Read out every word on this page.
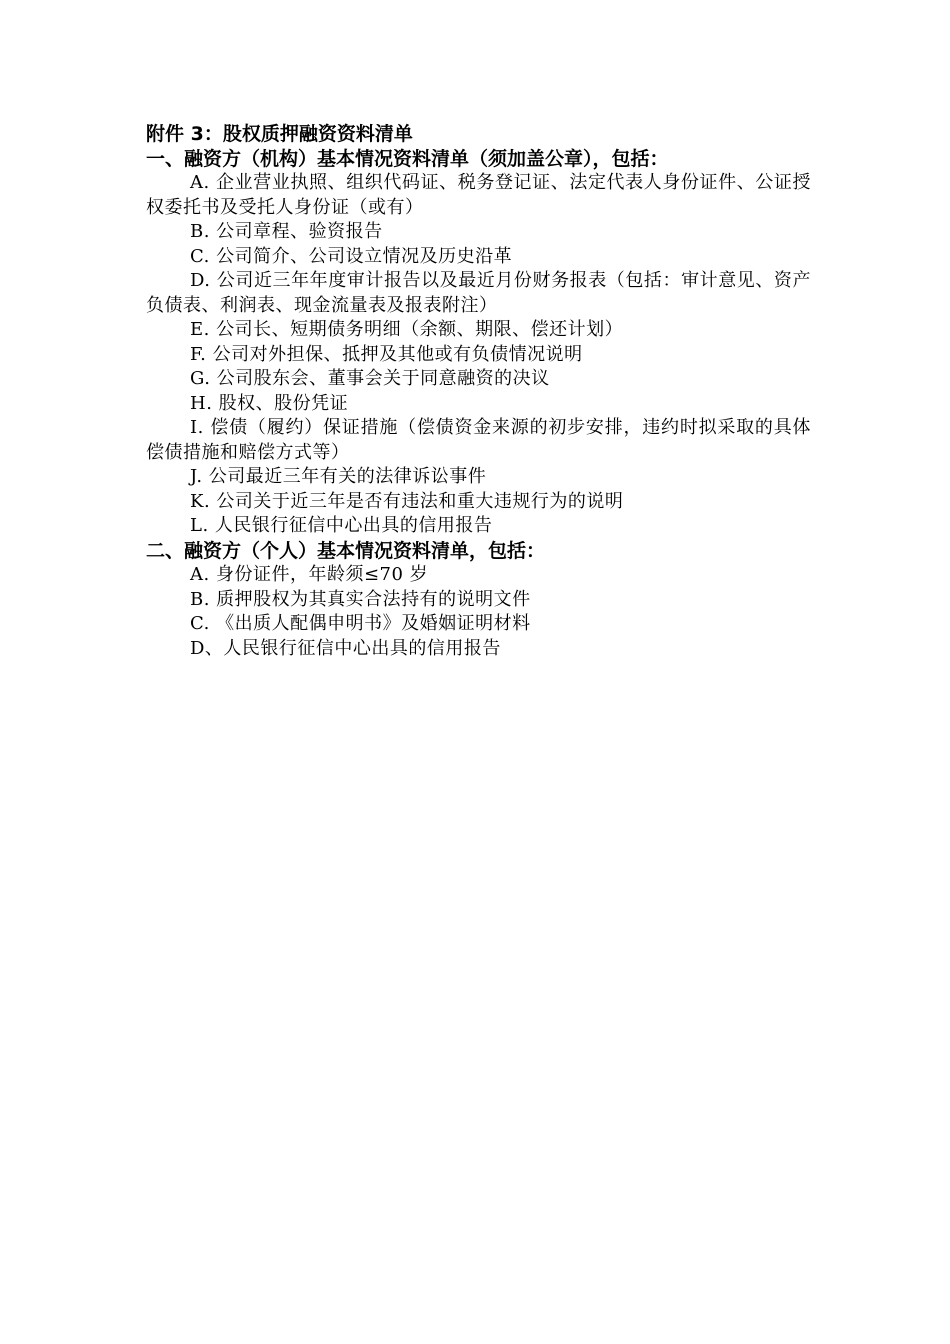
附件 3：股权质押融资资料清单

一、融资方（机构）基本情况资料清单（须加盖公章），包括：

A. 企业营业执照、组织代码证、税务登记证、法定代表人身份证件、公证授权委托书及受托人身份证（或有）

B. 公司章程、验资报告

C. 公司简介、公司设立情况及历史沿革

D. 公司近三年年度审计报告以及最近月份财务报表（包括：审计意见、资产负债表、利润表、现金流量表及报表附注）

E. 公司长、短期债务明细（余额、期限、偿还计划）

F. 公司对外担保、抵押及其他或有负债情况说明

G. 公司股东会、董事会关于同意融资的决议

H. 股权、股份凭证

I. 偿债（履约）保证措施（偿债资金来源的初步安排，违约时拟采取的具体偿债措施和赔偿方式等）

J. 公司最近三年有关的法律诉讼事件

K. 公司关于近三年是否有违法和重大违规行为的说明

L. 人民银行征信中心出具的信用报告

二、融资方（个人）基本情况资料清单，包括：

A. 身份证件，年龄须≤70 岁

B. 质押股权为其真实合法持有的说明文件

C. 《出质人配偶申明书》及婚姻证明材料

D、人民银行征信中心出具的信用报告
